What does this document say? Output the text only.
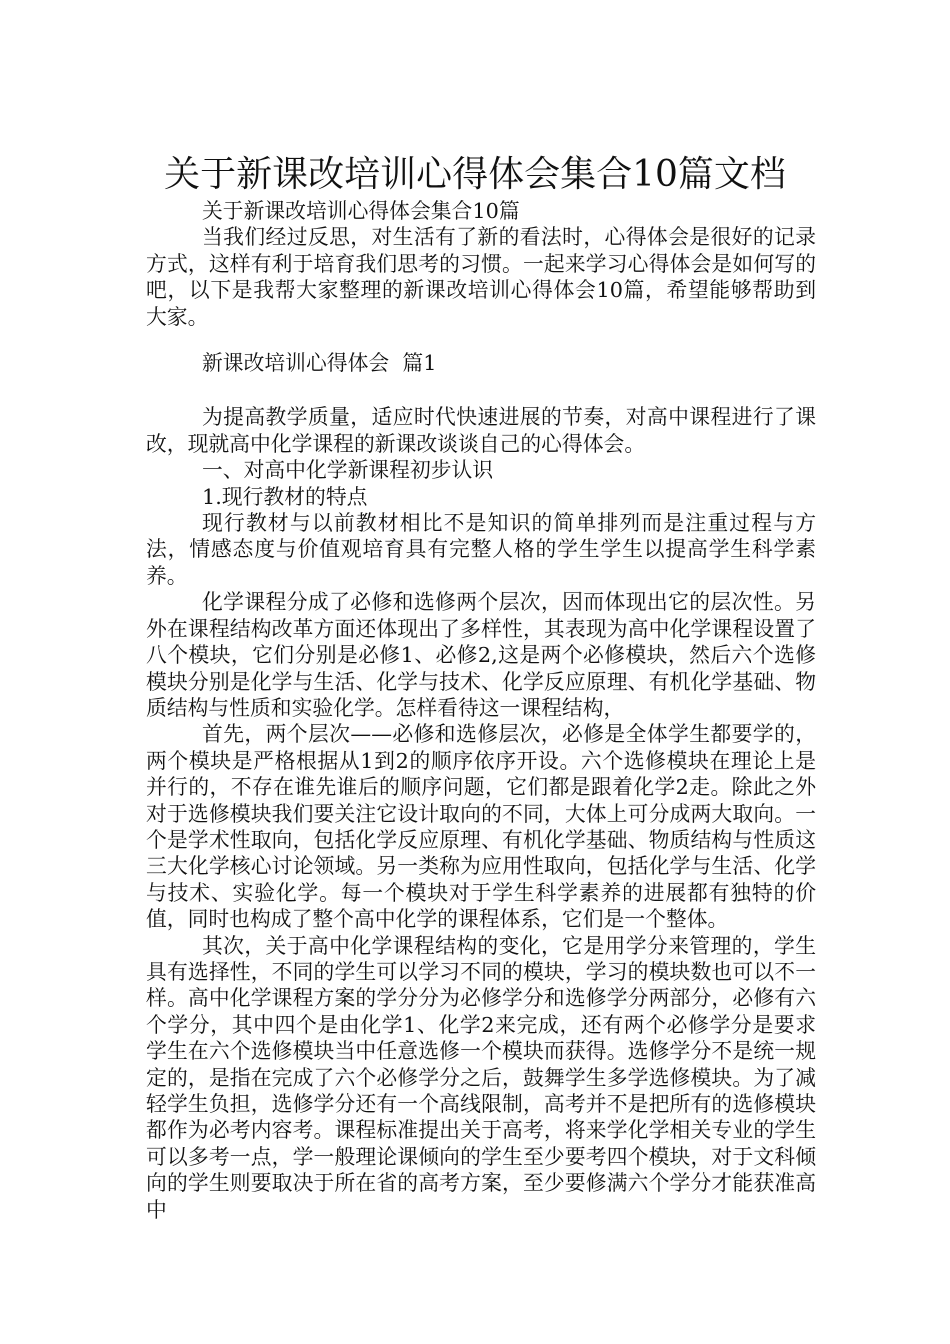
关于新课改培训心得体会集合10篇文档

关于新课改培训心得体会集合10篇

当我们经过反思，对生活有了新的看法时，心得体会是很好的记录方式，这样有利于培育我们思考的习惯。一起来学习心得体会是如何写的吧，以下是我帮大家整理的新课改培训心得体会10篇，希望能够帮助到大家。

新课改培训心得体会  篇1

为提高教学质量，适应时代快速进展的节奏，对高中课程进行了课改，现就高中化学课程的新课改谈谈自己的心得体会。

一、对高中化学新课程初步认识

1.现行教材的特点

现行教材与以前教材相比不是知识的简单排列而是注重过程与方法，情感态度与价值观培育具有完整人格的学生学生以提高学生科学素养。

化学课程分成了必修和选修两个层次，因而体现出它的层次性。另外在课程结构改革方面还体现出了多样性，其表现为高中化学课程设置了八个模块，它们分别是必修1、必修2,这是两个必修模块，然后六个选修模块分别是化学与生活、化学与技术、化学反应原理、有机化学基础、物质结构与性质和实验化学。怎样看待这一课程结构，

首先，两个层次——必修和选修层次，必修是全体学生都要学的，两个模块是严格根据从1到2的顺序依序开设。六个选修模块在理论上是并行的，不存在谁先谁后的顺序问题，它们都是跟着化学2走。除此之外对于选修模块我们要关注它设计取向的不同，大体上可分成两大取向。一个是学术性取向，包括化学反应原理、有机化学基础、物质结构与性质这三大化学核心讨论领域。另一类称为应用性取向，包括化学与生活、化学与技术、实验化学。每一个模块对于学生科学素养的进展都有独特的价值，同时也构成了整个高中化学的课程体系，它们是一个整体。

其次，关于高中化学课程结构的变化，它是用学分来管理的，学生具有选择性，不同的学生可以学习不同的模块，学习的模块数也可以不一样。高中化学课程方案的学分分为必修学分和选修学分两部分，必修有六个学分，其中四个是由化学1、化学2来完成，还有两个必修学分是要求学生在六个选修模块当中任意选修一个模块而获得。选修学分不是统一规定的，是指在完成了六个必修学分之后，鼓舞学生多学选修模块。为了减轻学生负担，选修学分还有一个高线限制，高考并不是把所有的选修模块都作为必考内容考。课程标准提出关于高考，将来学化学相关专业的学生可以多考一点，学一般理论课倾向的学生至少要考四个模块，对于文科倾向的学生则要取决于所在省的高考方案，至少要修满六个学分才能获准高中
